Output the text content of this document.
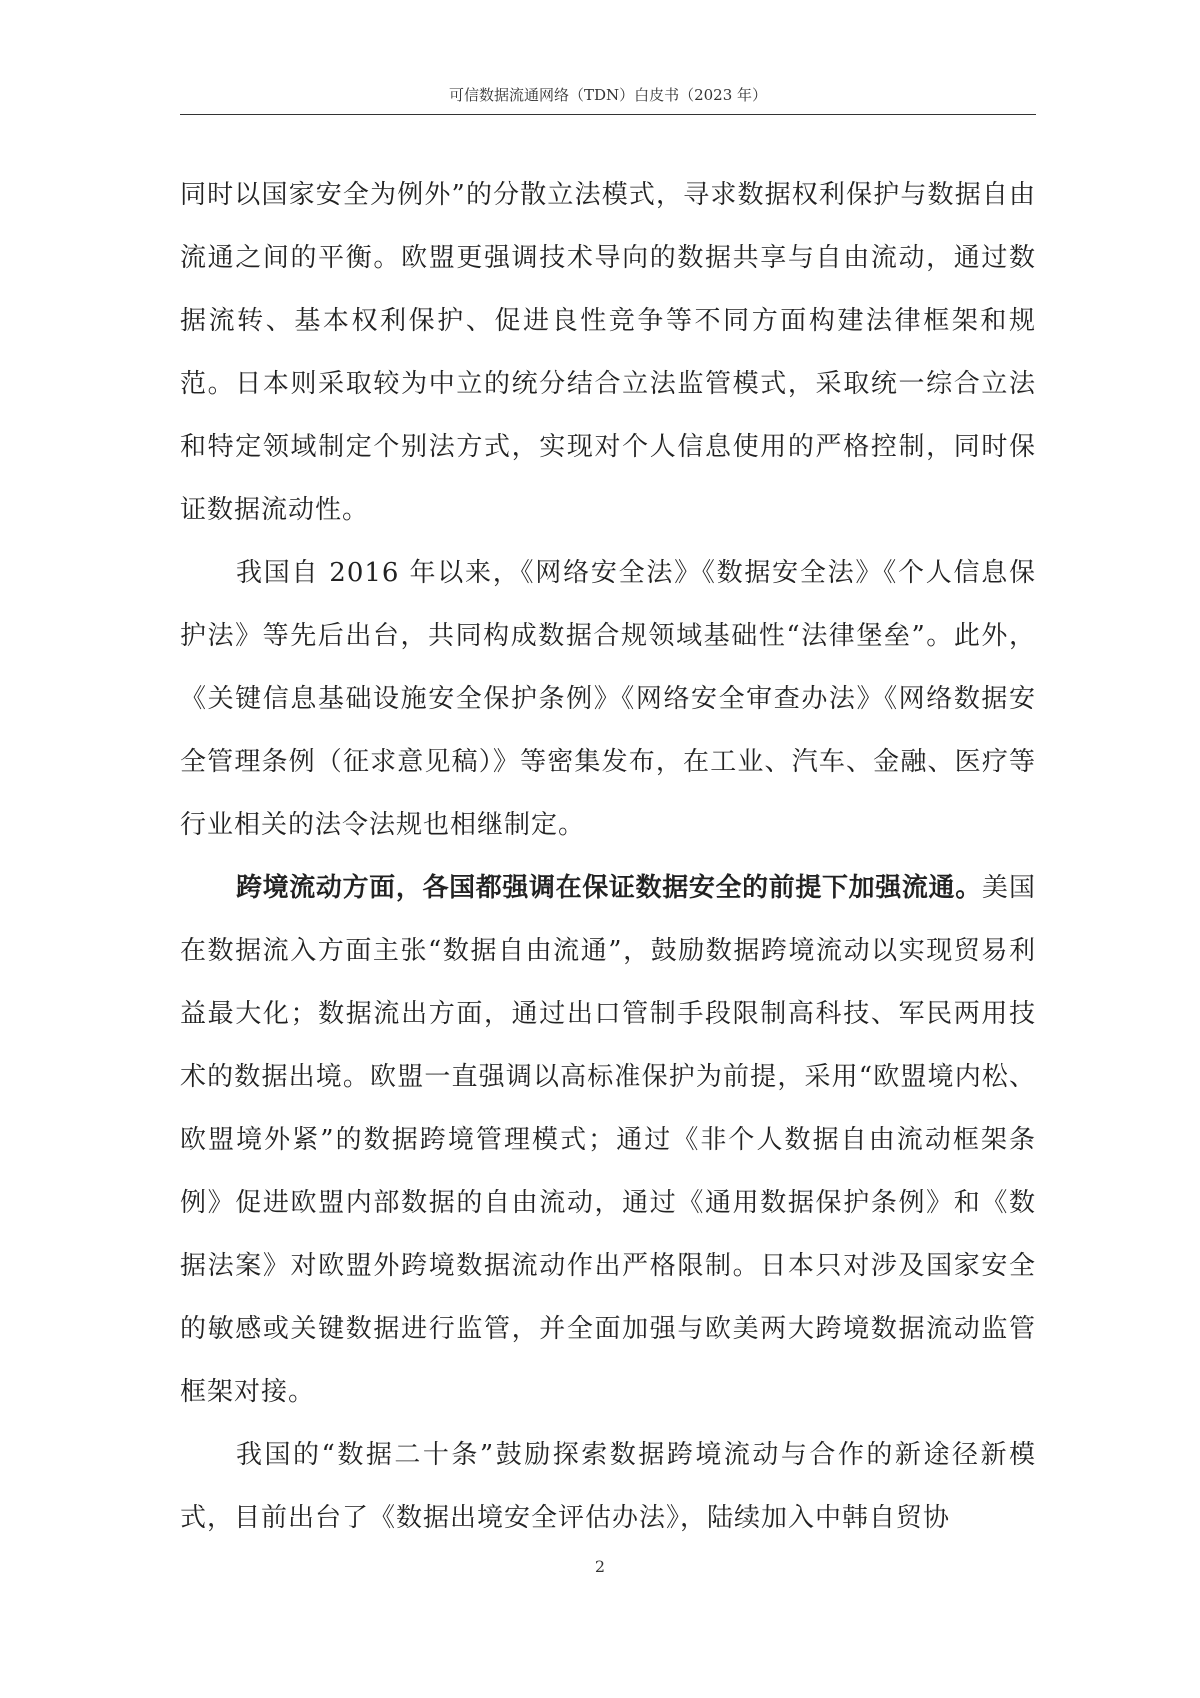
可信数据流通网络（TDN）白皮书（2023 年）

同时以国家安全为例外”的分散立法模式，寻求数据权利保护与数据自由流通之间的平衡。欧盟更强调技术导向的数据共享与自由流动，通过数据流转、基本权利保护、促进良性竞争等不同方面构建法律框架和规范。日本则采取较为中立的统分结合立法监管模式，采取统一综合立法和特定领域制定个别法方式，实现对个人信息使用的严格控制，同时保证数据流动性。

我国自 2016 年以来，《网络安全法》《数据安全法》《个人信息保护法》等先后出台，共同构成数据合规领域基础性“法律堡垒”。此外，《关键信息基础设施安全保护条例》《网络安全审查办法》《网络数据安全管理条例（征求意见稿）》等密集发布，在工业、汽车、金融、医疗等行业相关的法令法规也相继制定。

跨境流动方面，各国都强调在保证数据安全的前提下加强流通。美国在数据流入方面主张“数据自由流通”，鼓励数据跨境流动以实现贸易利益最大化；数据流出方面，通过出口管制手段限制高科技、军民两用技术的数据出境。欧盟一直强调以高标准保护为前提，采用“欧盟境内松、欧盟境外紧”的数据跨境管理模式；通过《非个人数据自由流动框架条例》促进欧盟内部数据的自由流动，通过《通用数据保护条例》和《数据法案》对欧盟外跨境数据流动作出严格限制。日本只对涉及国家安全的敏感或关键数据进行监管，并全面加强与欧美两大跨境数据流动监管框架对接。

我国的“数据二十条”鼓励探索数据跨境流动与合作的新途径新模式，目前出台了《数据出境安全评估办法》，陆续加入中韩自贸协

2
